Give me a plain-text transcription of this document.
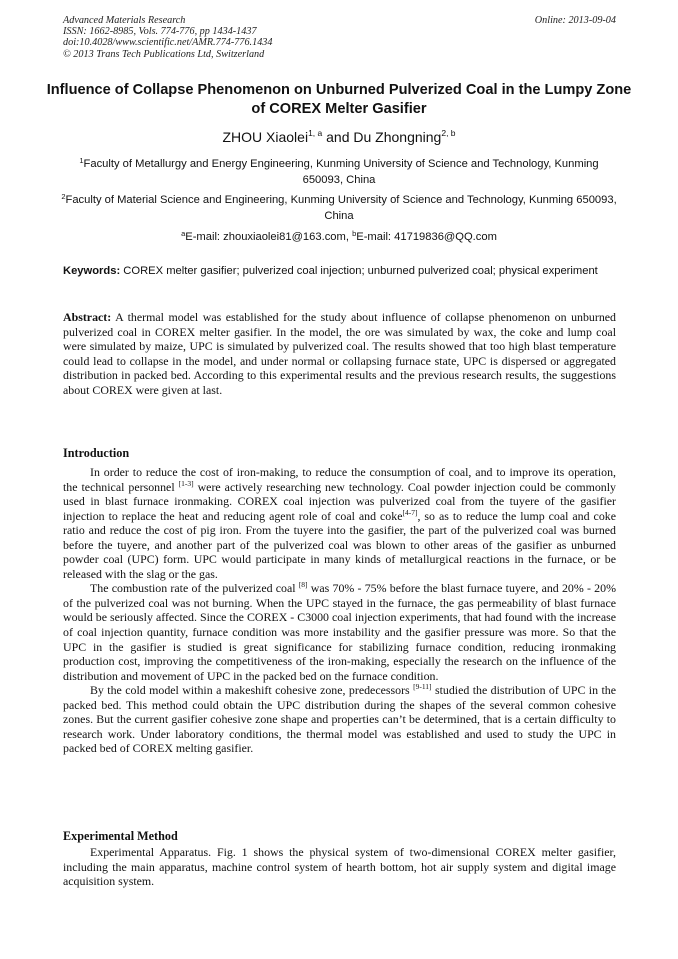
Advanced Materials Research
ISSN: 1662-8985, Vols. 774-776, pp 1434-1437
doi:10.4028/www.scientific.net/AMR.774-776.1434
© 2013 Trans Tech Publications Ltd, Switzerland
Online: 2013-09-04
Influence of Collapse Phenomenon on Unburned Pulverized Coal in the Lumpy Zone of COREX Melter Gasifier
ZHOU Xiaolei$^{1, a}$ and Du Zhongning$^{2, b}$
$^1$Faculty of Metallurgy and Energy Engineering, Kunming University of Science and Technology, Kunming 650093, China
$^2$Faculty of Material Science and Engineering, Kunming University of Science and Technology, Kunming 650093, China
$^a$E-mail: zhouxiaolei81@163.com, $^b$E-mail: 41719836@QQ.com
Keywords: COREX melter gasifier; pulverized coal injection; unburned pulverized coal; physical experiment
Abstract: A thermal model was established for the study about influence of collapse phenomenon on unburned pulverized coal in COREX melter gasifier. In the model, the ore was simulated by wax, the coke and lump coal were simulated by maize, UPC is simulated by pulverized coal. The results showed that too high blast temperature could lead to collapse in the model, and under normal or collapsing furnace state, UPC is dispersed or aggregated distribution in packed bed. According to this experimental results and the previous research results, the suggestions about COREX were given at last.
Introduction

In order to reduce the cost of iron-making, to reduce the consumption of coal, and to improve its operation, the technical personnel [1-3] were actively researching new technology. Coal powder injection could be commonly used in blast furnace ironmaking. COREX coal injection was pulverized coal from the tuyere of the gasifier injection to replace the heat and reducing agent role of coal and coke[4-7], so as to reduce the lump coal and coke ratio and reduce the cost of pig iron. From the tuyere into the gasifier, the part of the pulverized coal was burned before the tuyere, and another part of the pulverized coal was blown to other areas of the gasifier as unburned powder coal (UPC) form. UPC would participate in many kinds of metallurgical reactions in the furnace, or be released with the slag or the gas.

The combustion rate of the pulverized coal [8] was 70% - 75% before the blast furnace tuyere, and 20% - 20% of the pulverized coal was not burning. When the UPC stayed in the furnace, the gas permeability of blast furnace would be seriously affected. Since the COREX - C3000 coal injection experiments, that had found with the increase of coal injection quantity, furnace condition was more instability and the gasifier pressure was more. So that the UPC in the gasifier is studied is great significance for stabilizing furnace condition, reducing ironmaking production cost, improving the competitiveness of the iron-making, especially the research on the influence of the distribution and movement of UPC in the packed bed on the furnace condition.

By the cold model within a makeshift cohesive zone, predecessors [9-11] studied the distribution of UPC in the packed bed. This method could obtain the UPC distribution during the shapes of the several common cohesive zones. But the current gasifier cohesive zone shape and properties can’t be determined, that is a certain difficulty to research work. Under laboratory conditions, the thermal model was established and used to study the UPC in packed bed of COREX melting gasifier.

Experimental Method

Experimental Apparatus. Fig. 1 shows the physical system of two-dimensional COREX melter gasifier, including the main apparatus, machine control system of hearth bottom, hot air supply system and digital image acquisition system.
